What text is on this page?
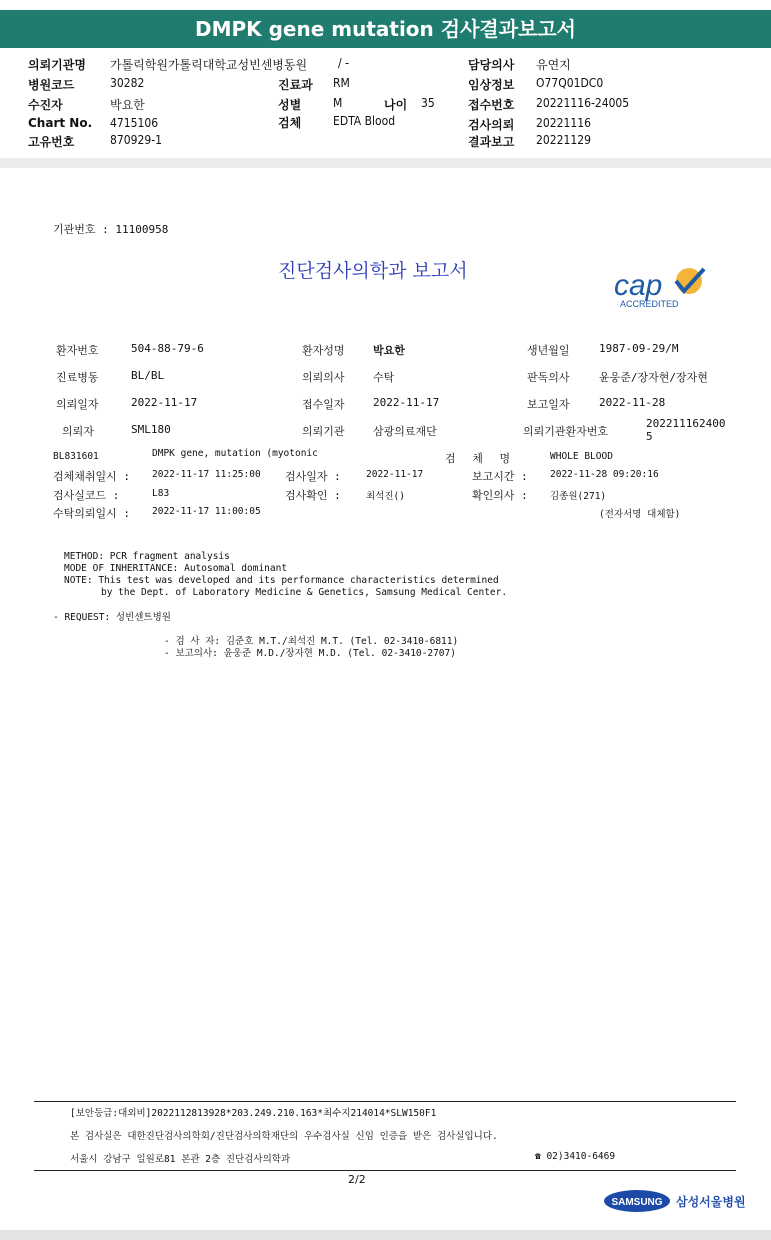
DMPK gene mutation 검사결과보고서
의뢰기관명 가톨릭학원가톨릭대학교성빈센병동원	/ -	담당의사 유연지
병원코드	30282	진료과 RM	임상정보 O77Q01DC0
수진자	박요한	성별	M	나이 35	접수번호 20221116-24005
Chart No. 4715106	검체	EDTA Blood	검사의뢰 20221116
고유번호	870929-1	결과보고 20221129
기관번호 : 11100958
진단검사의학과 보고서	cap
ACCREDITED
환자번호	504-88-79-6	환자성명	박요한	생년월일	1987-09-29/M
진료병동	BL/BL	의뢰의사	수탁	판독의사	윤웅준/장자현/장자현
의뢰일자	2022-11-17	접수일자	2022-11-17	보고일자	2022-11-28
의뢰자	SML180	의뢰기관	삼광의료재단	의뢰기관환자번호
202211162400 5
BL831601	DMPK gene, mutation (myotonic	검 체 명	WHOLE BLOOD
검체채취일시 : 2022-11-17 11:25:00 검사일자 :	2022-11-17	보고시간 : 2022-11-28 09:20:16
검사실코드 :	L83	검사확인 :	최석진()	확인의사 : 김종원(271)
수탁의뢰일시 : 2022-11-17 11:00:05	(전자서명 대체함)
METHOD: PCR fragment analysis
MODE OF INHERITANCE: Autosomal dominant
NOTE: This test was developed and its performance characteristics determined
by the Dept. of Laboratory Medicine & Genetics, Samsung Medical Center.
- REQUEST: 성빈센트병원
- 검 사 자: 김준호 M.T./최석진 M.T. (Tel. 02-3410-6811)
- 보고의사: 윤웅준 M.D./장자현 M.D. (Tel. 02-3410-2707)
[보안등급:대외비]2022112813928*203.249.210.163*최수지214014*SLW150F1
본 검사실은 대한진단검사의학회/진단검사의학재단의 우수검사실 신임 인증을 받은 검사실입니다.
서울시 강남구 일원로81 본관 2층 진단검사의학과	☎ 02)3410-6469
2/2
SAMSUNG 삼성서울병원
